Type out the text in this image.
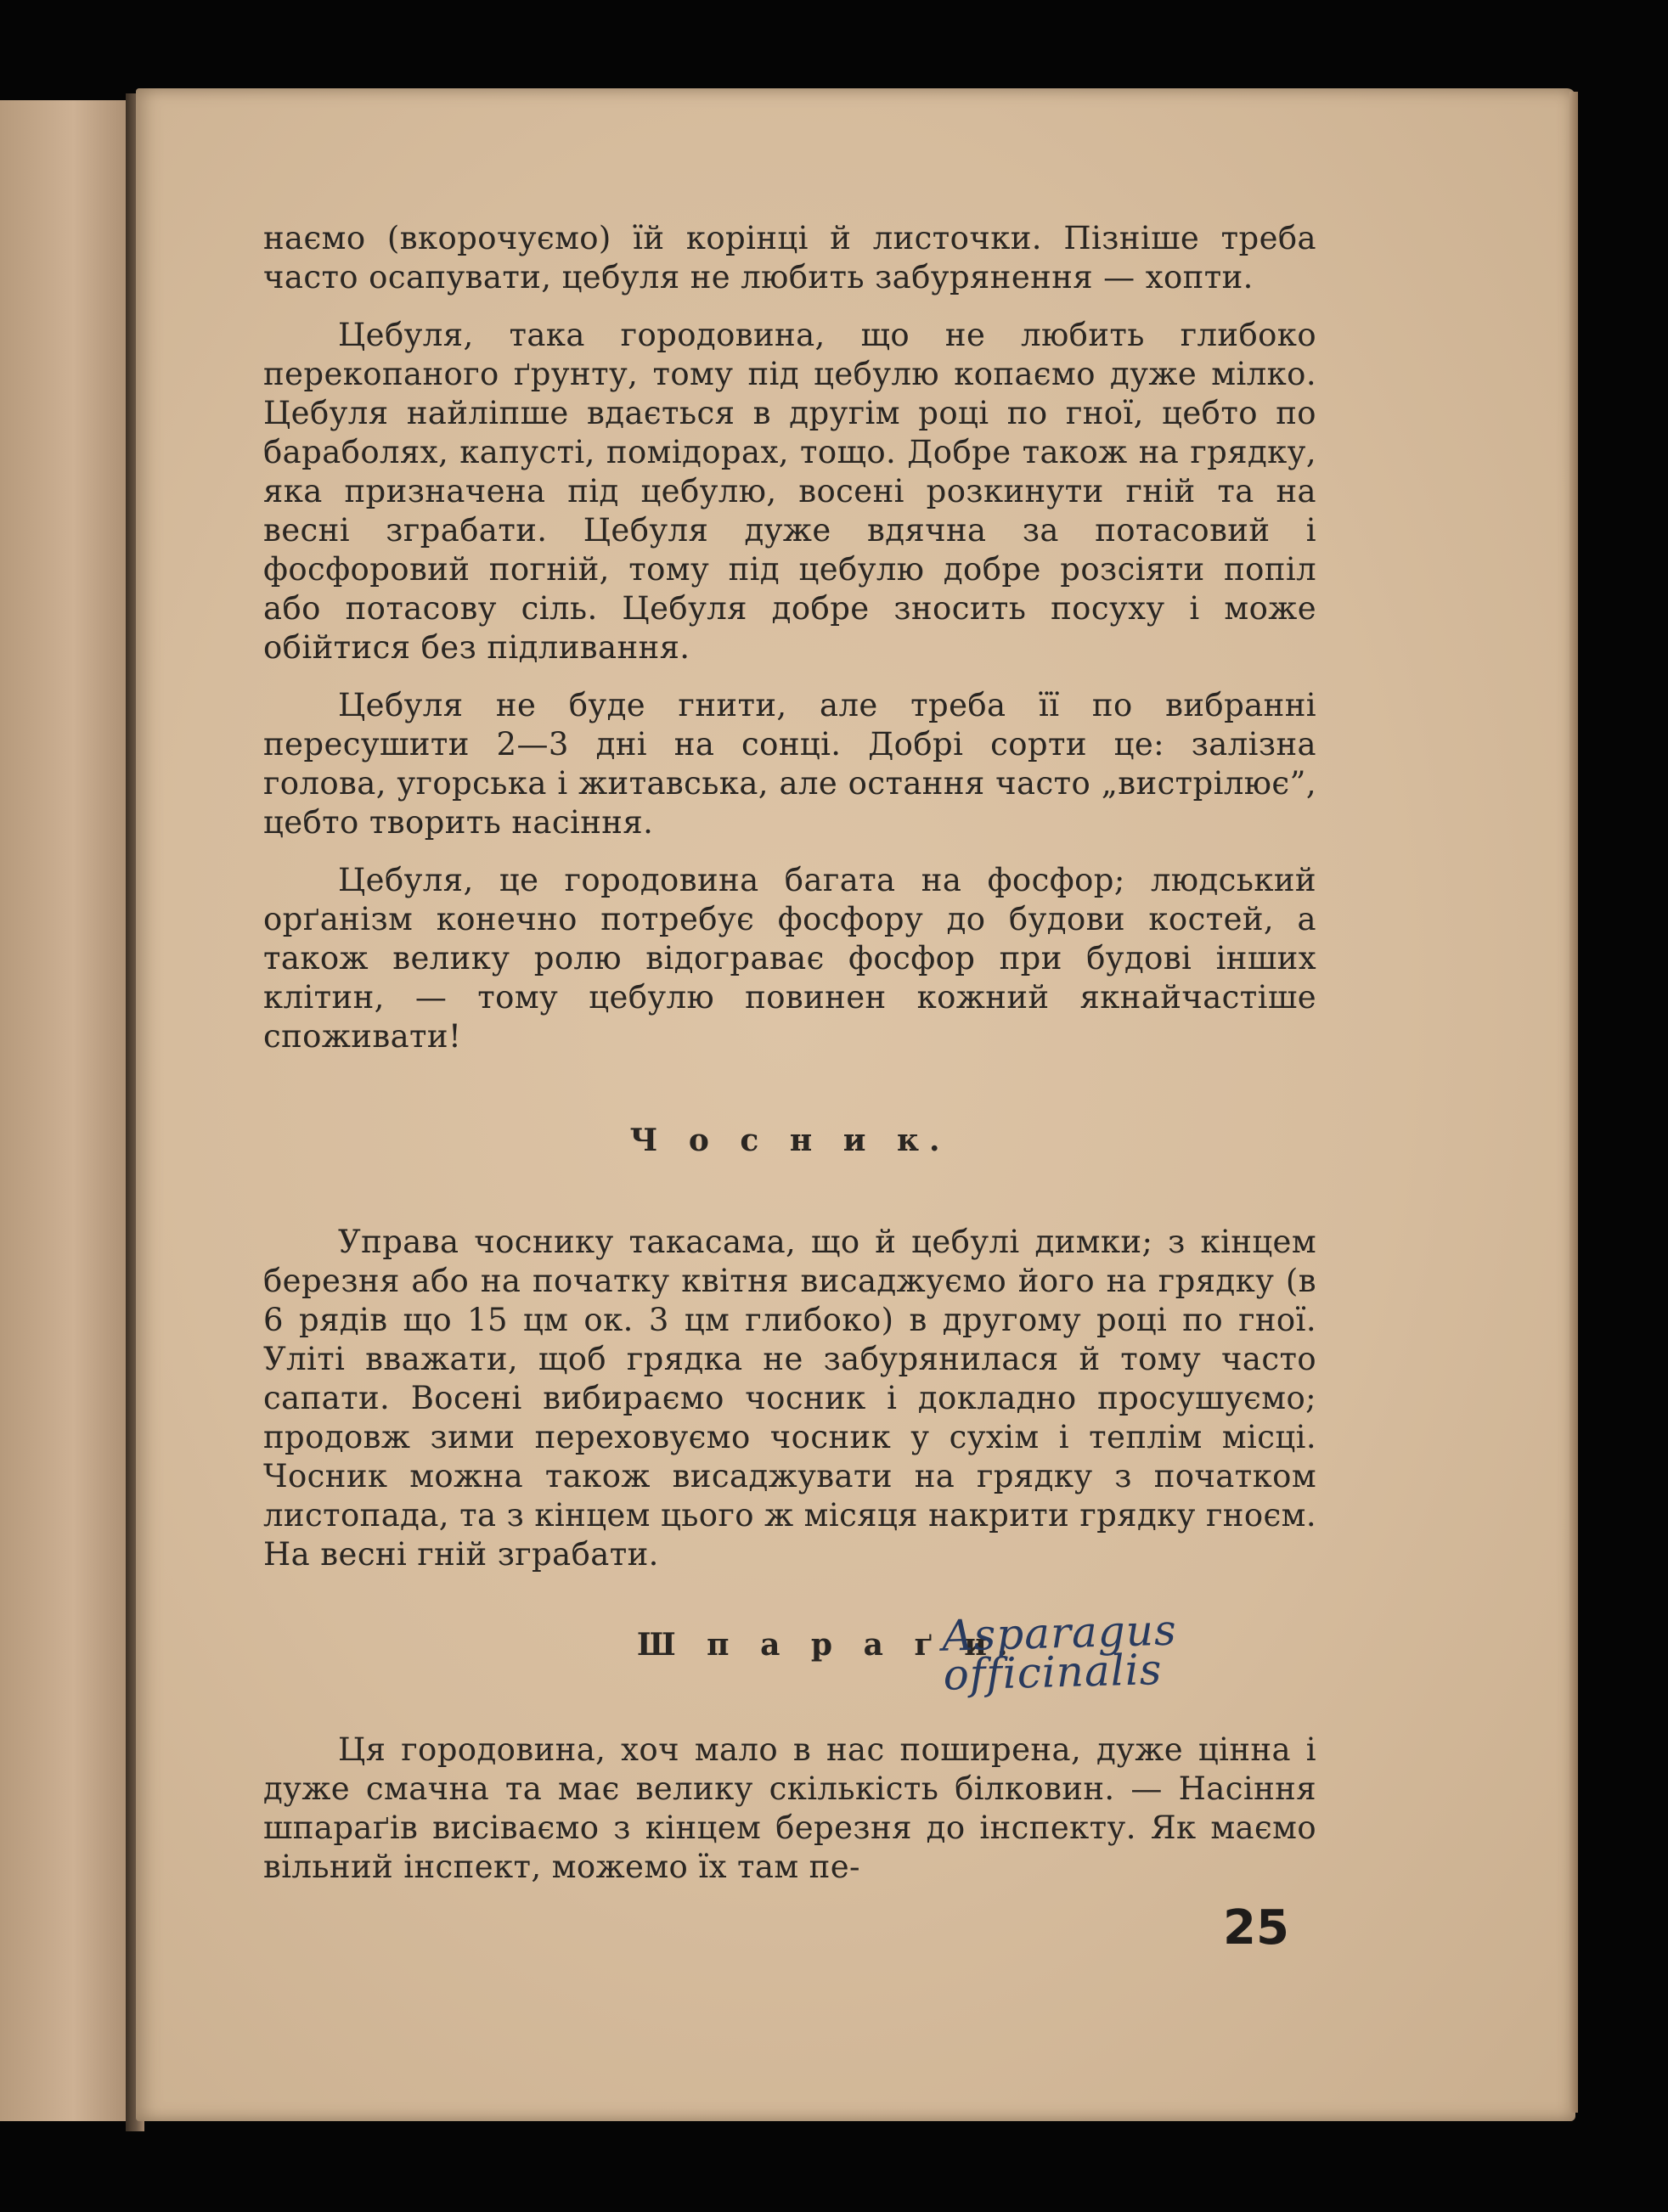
наємо (вкорочуємо) їй корінці й листочки. Пізніше треба часто осапувати, цебуля не любить забурянення — хопти.

Цебуля, така городовина, що не любить глибоко перекопаного ґрунту, тому під цебулю копаємо дуже мілко. Цебуля найліпше вдається в другім році по гної, цебто по бараболях, капусті, помідорах, тощо. Добре також на грядку, яка призначена під цебулю, восені розкинути гній та на весні зграбати. Цебуля дуже вдячна за потасовий і фосфоровий погній, тому під цебулю добре розсіяти попіл або потасову сіль. Цебуля добре зносить посуху і може обійтися без підливання.

Цебуля не буде гнити, але треба її по вибранні пересушити 2—3 дні на сонці. Добрі сорти це: залізна голова, угорська і житавська, але остання часто „вистрілює”, цебто творить насіння.

Цебуля, це городовина багата на фосфор; людський орґанізм конечно потребує фосфору до будови костей, а також велику ролю відограває фосфор при будові інших клітин, — тому цебулю повинен кожний якнайчастіше споживати!

Ч о с н и к.

Управа чоснику такасама, що й цебулі димки; з кінцем березня або на початку квітня висаджуємо його на грядку (в 6 рядів що 15 цм ок. 3 цм глибоко) в другому році по гної. Уліті вважати, щоб грядка не забурянилася й тому часто сапати. Восені вибираємо чосник і докладно просушуємо; продовж зими переховуємо чосник у сухім і теплім місці. Чосник можна також висаджувати на грядку з початком листопада, та з кінцем цього ж місяця накрити грядку гноєм. На весні гній зграбати.

Ш п а р а ґ и.
Asparagus officinalis

Ця городовина, хоч мало в нас поширена, дуже цінна і дуже смачна та має велику скількість білковин. — Насіння шпараґів висіваємо з кінцем березня до інспекту. Як маємо вільний інспект, можемо їх там пе-

25
